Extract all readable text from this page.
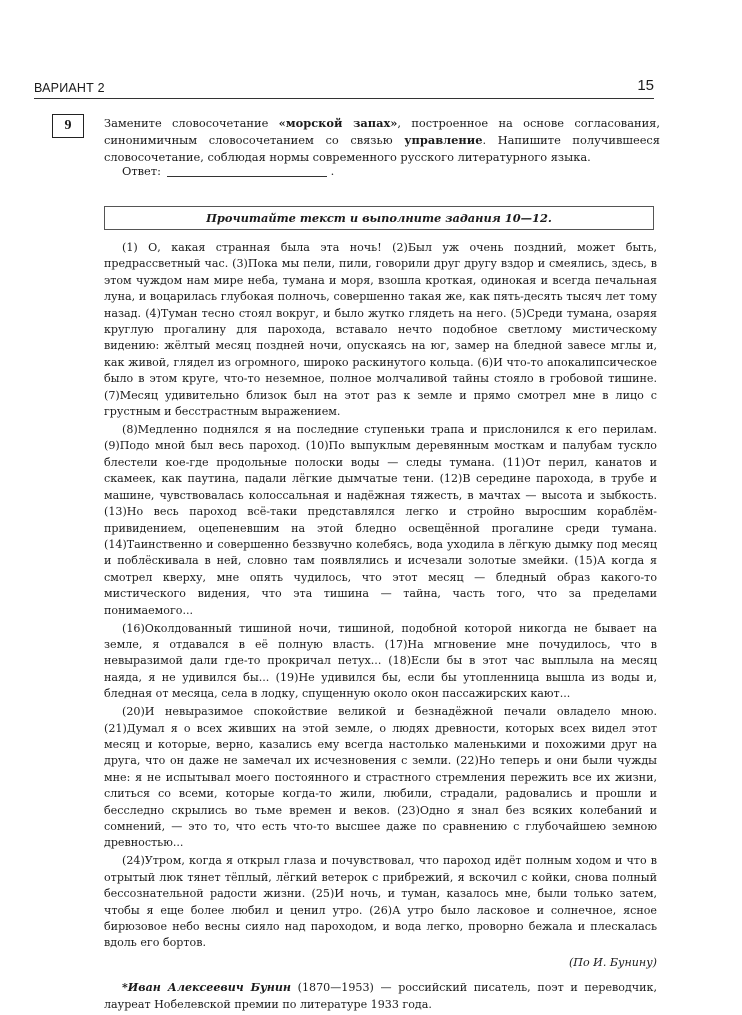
ВАРИАНТ 2	15
9	Замените словосочетание «морской запах», построенное на основе согласования, синонимичным словосочетанием со связью управление. Напишите получившееся словосочетание, соблюдая нормы современного русского литературного языка.
Ответ:	.
Прочитайте текст и выполните задания 10—12.

(1) О, какая странная была эта ночь! (2)Был уж очень поздний, может быть, предрассветный час. (3)Пока мы пели, пили, говорили друг другу вздор и смеялись, здесь, в этом чуждом нам мире неба, тумана и моря, взошла кроткая, одинокая и всегда печальная луна, и воцарилась глубокая полночь, совершенно такая же, как пять-десять тысяч лет тому назад. (4)Туман тесно стоял вокруг, и было жутко глядеть на него. (5)Среди тумана, озаряя круглую прогалину для парохода, вставало нечто подобное светлому мистическому видению: жёлтый месяц поздней ночи, опускаясь на юг, замер на бледной завесе мглы и, как живой, глядел из огромного, широко раскинутого кольца. (6)И что-то апокалипсическое было в этом круге, что-то неземное, полное молчаливой тайны стояло в гробовой тишине. (7)Месяц удивительно близок был на этот раз к земле и прямо смотрел мне в лицо с грустным и бесстрастным выражением.

(8)Медленно поднялся я на последние ступеньки трапа и прислонился к его перилам. (9)Подо мной был весь пароход. (10)По выпуклым деревянным мосткам и палубам тускло блестели кое-где продольные полоски воды — следы тумана. (11)От перил, канатов и скамеек, как паутина, падали лёгкие дымчатые тени. (12)В середине парохода, в трубе и машине, чувствовалась колоссальная и надёжная тяжесть, в мачтах — высота и зыбкость. (13)Но весь пароход всё-таки представлялся легко и стройно выросшим кораблём-привидением, оцепеневшим на этой бледно освещённой прогалине среди тумана. (14)Таинственно и совершенно беззвучно колебясь, вода уходила в лёгкую дымку под месяц и поблёскивала в ней, словно там появлялись и исчезали золотые змейки. (15)А когда я смотрел кверху, мне опять чудилось, что этот месяц — бледный образ какого-то мистического видения, что эта тишина — тайна, часть того, что за пределами понимаемого...

(16)Околдованный тишиной ночи, тишиной, подобной которой никогда не бывает на земле, я отдавался в её полную власть. (17)На мгновение мне почудилось, что в невыразимой дали где-то прокричал петух... (18)Если бы в этот час выплыла на месяц наяда, я не удивился бы... (19)Не удивился бы, если бы утопленница вышла из воды и, бледная от месяца, села в лодку, спущенную около окон пассажирских кают...

(20)И невыразимое спокойствие великой и безнадёжной печали овладело мною. (21)Думал я о всех живших на этой земле, о людях древности, которых всех видел этот месяц и которые, верно, казались ему всегда настолько маленькими и похожими друг на друга, что он даже не замечал их исчезновения с земли. (22)Но теперь и они были чужды мне: я не испытывал моего постоянного и страстного стремления пережить все их жизни, слиться со всеми, которые когда-то жили, любили, страдали, радовались и прошли и бесследно скрылись во тьме времен и веков. (23)Одно я знал без всяких колебаний и сомнений, — это то, что есть что-то высшее даже по сравнению с глубочайшею земною древностью...

(24)Утром, когда я открыл глаза и почувствовал, что пароход идёт полным ходом и что в отрытый люк тянет тёплый, лёгкий ветерок с прибрежий, я вскочил с койки, снова полный бессознательной радости жизни. (25)И ночь, и туман, казалось мне, были только затем, чтобы я еще более любил и ценил утро. (26)А утро было ласковое и солнечное, ясное бирюзовое небо весны сияло над пароходом, и вода легко, проворно бежала и плескалась вдоль его бортов.

(По И. Бунину)

*Иван Алексеевич Бунин (1870—1953) — российский писатель, поэт и переводчик, лауреат Нобелевской премии по литературе 1933 года.
